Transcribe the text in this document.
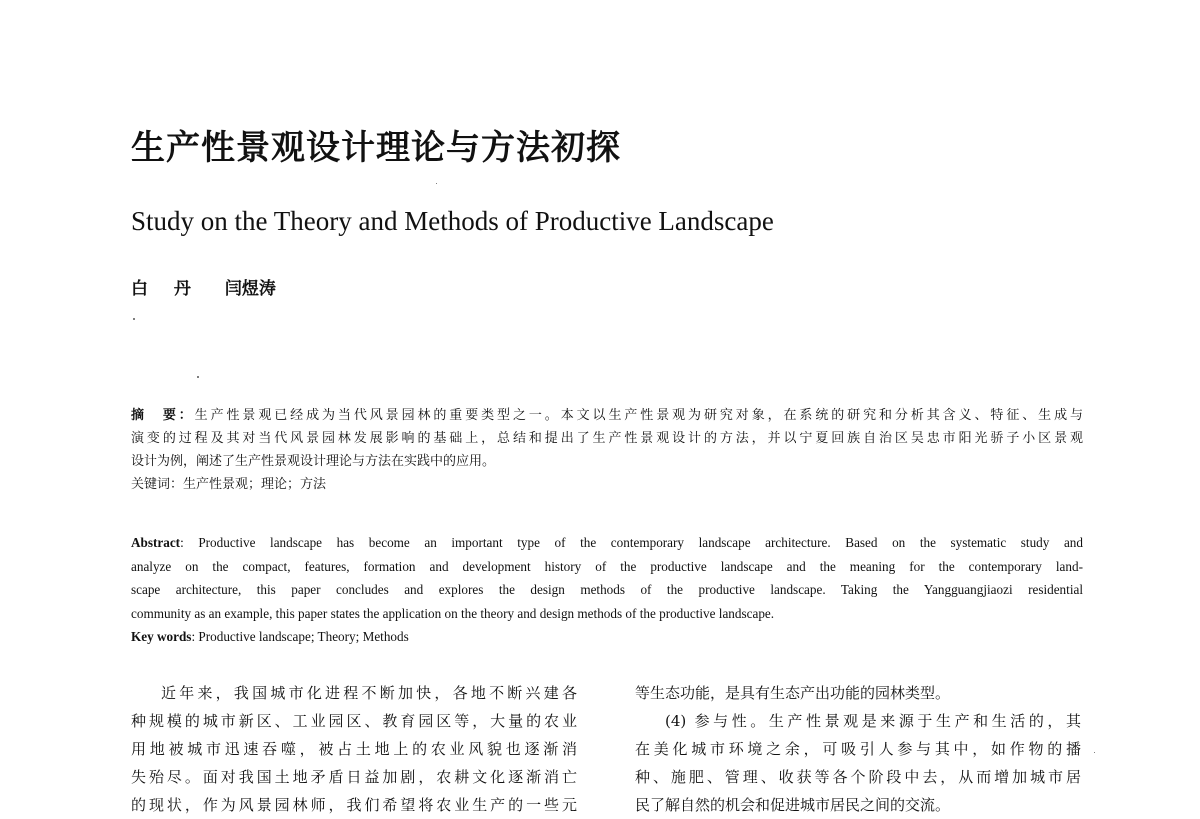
生产性景观设计理论与方法初探
Study on the Theory and Methods of Productive Landscape
白 丹 闫煜涛
摘　要：生产性景观已经成为当代风景园林的重要类型之一。本文以生产性景观为研究对象，在系统的研究和分析其含义、特征、生成与
演变的过程及其对当代风景园林发展影响的基础上，总结和提出了生产性景观设计的方法，并以宁夏回族自治区吴忠市阳光骄子小区景观
设计为例，阐述了生产性景观设计理论与方法在实践中的应用。
关键词：生产性景观；理论；方法
Abstract: Productive landscape has become an important type of the contemporary landscape architecture. Based on the systematic study and
analyze on the compact, features, formation and development history of the productive landscape and the meaning for the contemporary land-
scape architecture, this paper concludes and explores the design methods of the productive landscape. Taking the Yangguangjiaozi residential
community as an example, this paper states the application on the theory and design methods of the productive landscape.
Key words: Productive landscape; Theory; Methods
近年来，我国城市化进程不断加快，各地不断兴建各
种规模的城市新区、工业园区、教育园区等，大量的农业
用地被城市迅速吞噬，被占土地上的农业风貌也逐渐消
失殆尽。面对我国土地矛盾日益加剧，农耕文化逐渐消亡
的现状，作为风景园林师，我们希望将农业生产的一些元
等生态功能，是具有生态产出功能的园林类型。
(4) 参与性。生产性景观是来源于生产和生活的，其
在美化城市环境之余，可吸引人参与其中，如作物的播
种、施肥、管理、收获等各个阶段中去，从而增加城市居
民了解自然的机会和促进城市居民之间的交流。
